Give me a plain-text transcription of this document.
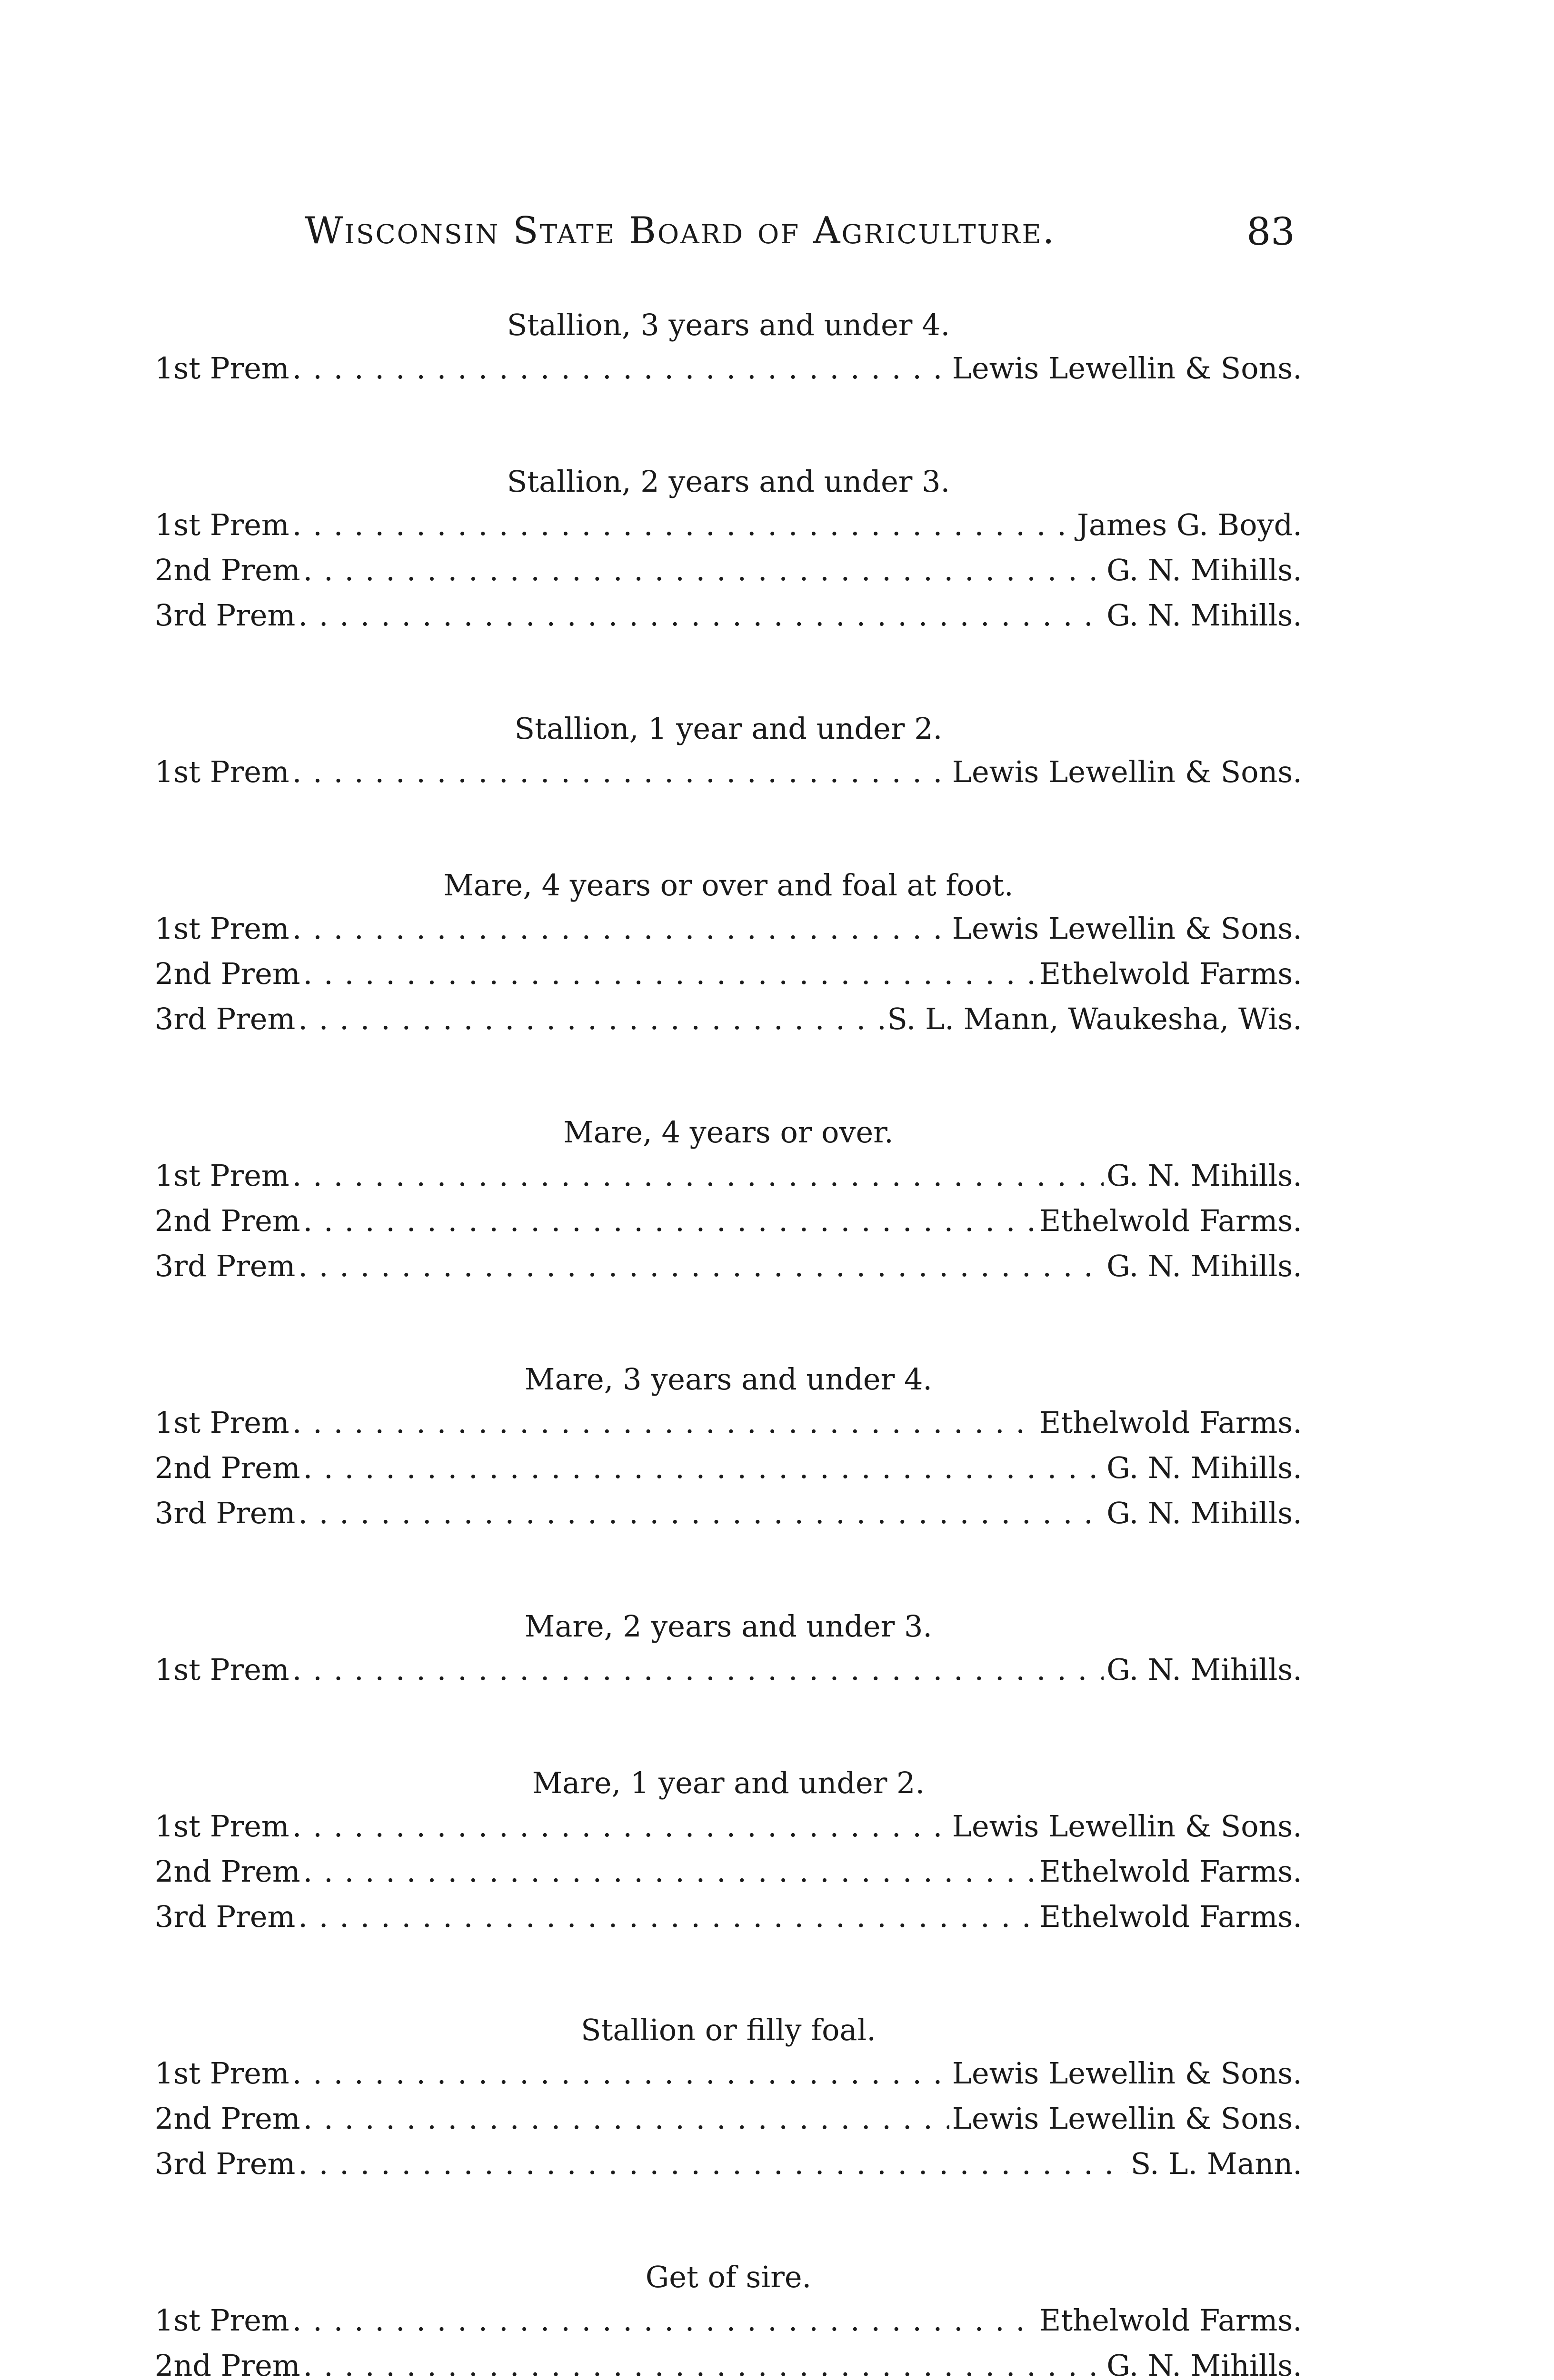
Wisconsin State Board of Agriculture.	83
Stallion, 3 years and under 4.
1st Prem . . .	Lewis Lewellin & Sons.
Stallion, 2 years and under 3.
1st Prem . . .	James G. Boyd.
2nd Prem . . .	G. N. Mihills.
3rd Prem . . .	G. N. Mihills.
Stallion, 1 year and under 2.
1st Prem . . .	Lewis Lewellin & Sons.
Mare, 4 years or over and foal at foot.
1st Prem . . .	Lewis Lewellin & Sons.
2nd Prem . . .	Ethelwold Farms.
3rd Prem . . .	S. L. Mann, Waukesha, Wis.
Mare, 4 years or over.
1st Prem . . .	G. N. Mihills.
2nd Prem . . .	Ethelwold Farms.
3rd Prem . . .	G. N. Mihills.
Mare, 3 years and under 4.
1st Prem . . .	Ethelwold Farms.
2nd Prem . . .	G. N. Mihills.
3rd Prem . . .	G. N. Mihills.
Mare, 2 years and under 3.
1st Prem . . .	G. N. Mihills.
Mare, 1 year and under 2.
1st Prem . . .	Lewis Lewellin & Sons.
2nd Prem . . .	Ethelwold Farms.
3rd Prem . . .	Ethelwold Farms.
Stallion or filly foal.
1st Prem . . .	Lewis Lewellin & Sons.
2nd Prem . . .	Lewis Lewellin & Sons.
3rd Prem . . .	S. L. Mann.
Get of sire.
1st Prem . . .	Ethelwold Farms.
2nd Prem . . .	G. N. Mihills.
